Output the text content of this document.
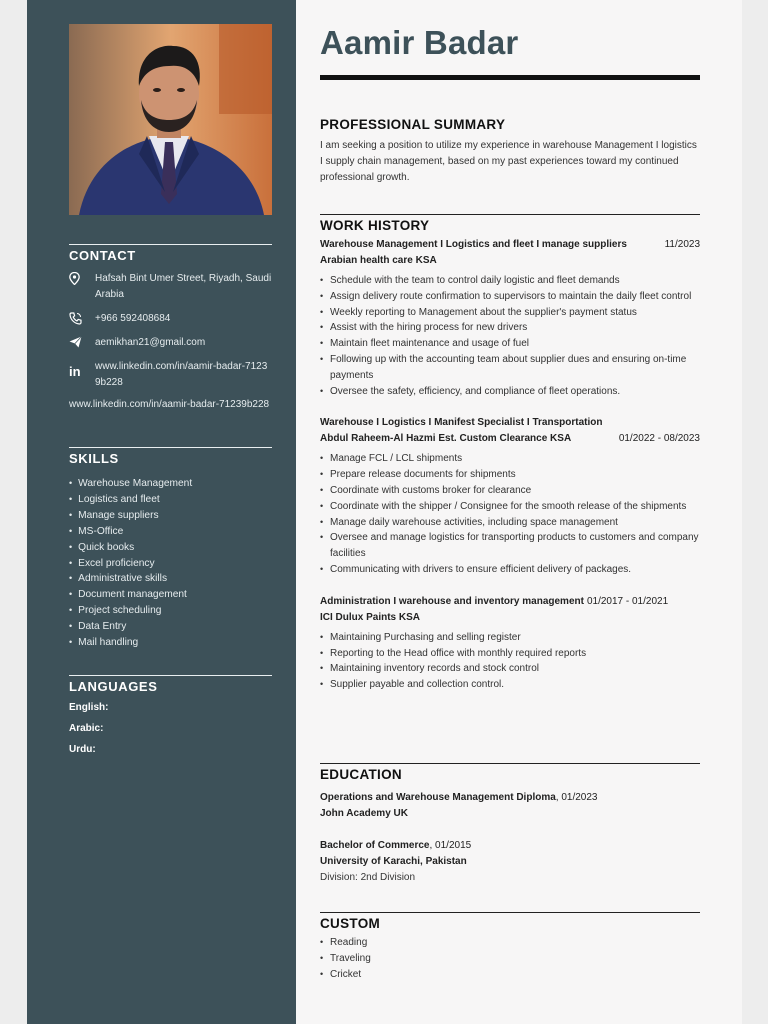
CONTACT
Hafsah Bint Umer Street, Riyadh, Saudi Arabia
+966 592408684
aemikhan21@gmail.com
in www.linkedin.com/in/aamir-badar-71239b228
www.linkedin.com/in/aamir-badar-71239b228
SKILLS
• Warehouse Management
• Logistics and fleet
• Manage suppliers
• MS-Office
• Quick books
• Excel proficiency
• Administrative skills
• Document management
• Project scheduling
• Data Entry
• Mail handling
LANGUAGES
English:
Arabic:
Urdu:
Aamir Badar
PROFESSIONAL SUMMARY
I am seeking a position to utilize my experience in warehouse Management I logistics I supply chain management, based on my past experiences toward my continued professional growth.
WORK HISTORY
Warehouse Management I Logistics and fleet I manage suppliers	11/2023
Arabian health care KSA
• Schedule with the team to control daily logistic and fleet demands
• Assign delivery route confirmation to supervisors to maintain the daily fleet control
• Weekly reporting to Management about the supplier's payment status
• Assist with the hiring process for new drivers
• Maintain fleet maintenance and usage of fuel
• Following up with the accounting team about supplier dues and ensuring on-time payments
• Oversee the safety, efficiency, and compliance of fleet operations.
Warehouse I Logistics I Manifest Specialist I Transportation
Abdul Raheem-Al Hazmi Est. Custom Clearance KSA	01/2022 - 08/2023
• Manage FCL / LCL shipments
• Prepare release documents for shipments
• Coordinate with customs broker for clearance
• Coordinate with the shipper / Consignee for the smooth release of the shipments
• Manage daily warehouse activities, including space management
• Oversee and manage logistics for transporting products to customers and company facilities
• Communicating with drivers to ensure efficient delivery of packages.
Administration I warehouse and inventory management 01/2017 - 01/2021
ICI Dulux Paints KSA
• Maintaining Purchasing and selling register
• Reporting to the Head office with monthly required reports
• Maintaining inventory records and stock control
• Supplier payable and collection control.
EDUCATION
Operations and Warehouse Management Diploma, 01/2023
John Academy UK
Bachelor of Commerce, 01/2015
University of Karachi, Pakistan
Division: 2nd Division
CUSTOM
• Reading
• Traveling
• Cricket
